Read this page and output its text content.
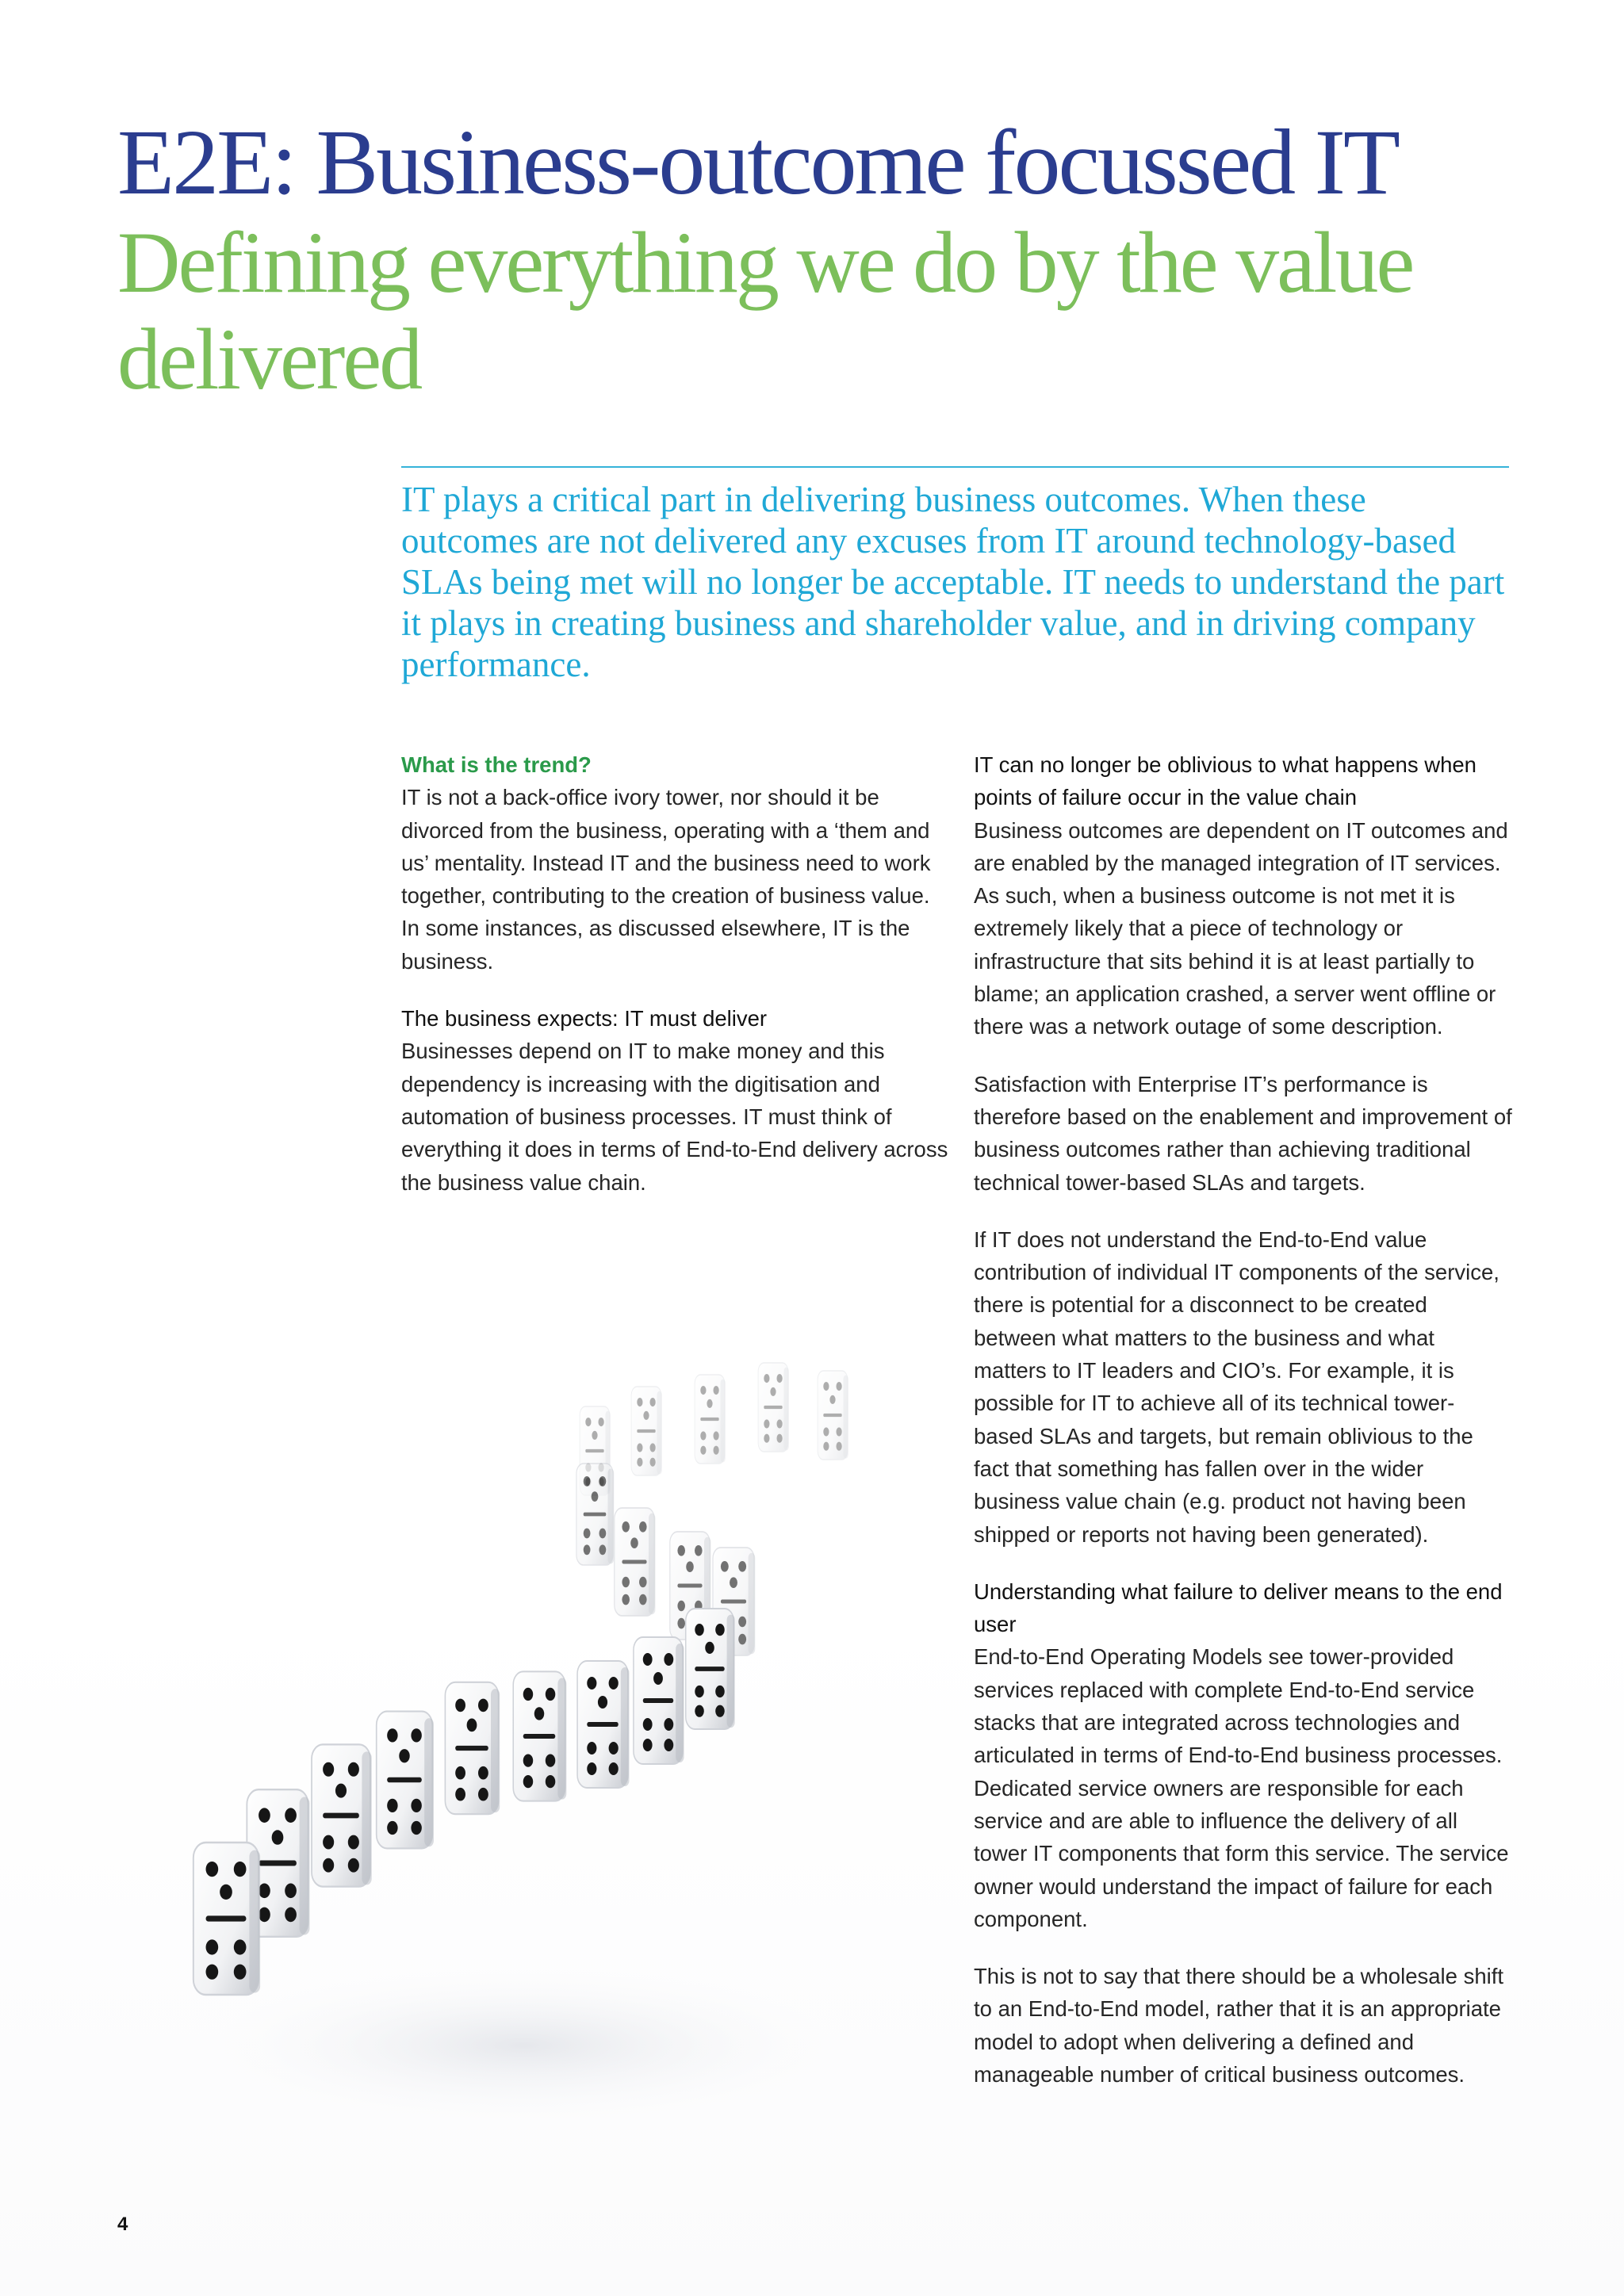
E2E: Business-outcome focussed IT
Defining everything we do by the value delivered

IT plays a critical part in delivering business outcomes. When these outcomes are not delivered any excuses from IT around technology-based SLAs being met will no longer be acceptable. IT needs to understand the part it plays in creating business and shareholder value, and in driving company performance.

What is the trend?

IT is not a back-office ivory tower, nor should it be divorced from the business, operating with a ‘them and us’ mentality. Instead IT and the business need to work together, contributing to the creation of business value. In some instances, as discussed elsewhere, IT is the business.

The business expects: IT must deliver

Businesses depend on IT to make money and this dependency is increasing with the digitisation and automation of business processes. IT must think of everything it does in terms of End-to-End delivery across the business value chain.

IT can no longer be oblivious to what happens when points of failure occur in the value chain

Business outcomes are dependent on IT outcomes and are enabled by the managed integration of IT services. As such, when a business outcome is not met it is extremely likely that a piece of technology or infrastructure that sits behind it is at least partially to blame; an application crashed, a server went offline or there was a network outage of some description.

Satisfaction with Enterprise IT’s performance is therefore based on the enablement and improvement of business outcomes rather than achieving traditional technical tower-based SLAs and targets.

If IT does not understand the End-to-End value contribution of individual IT components of the service, there is potential for a disconnect to be created between what matters to the business and what matters to IT leaders and CIO’s. For example, it is possible for IT to achieve all of its technical tower-based SLAs and targets, but remain oblivious to the fact that something has fallen over in the wider business value chain (e.g. product not having been shipped or reports not having been generated).

Understanding what failure to deliver means to the end user

End-to-End Operating Models see tower-provided services replaced with complete End-to-End service stacks that are integrated across technologies and articulated in terms of End-to-End business processes. Dedicated service owners are responsible for each service and are able to influence the delivery of all tower IT components that form this service. The service owner would understand the impact of failure for each component.

This is not to say that there should be a wholesale shift to an End-to-End model, rather that it is an appropriate model to adopt when delivering a defined and manageable number of critical business outcomes.

4
